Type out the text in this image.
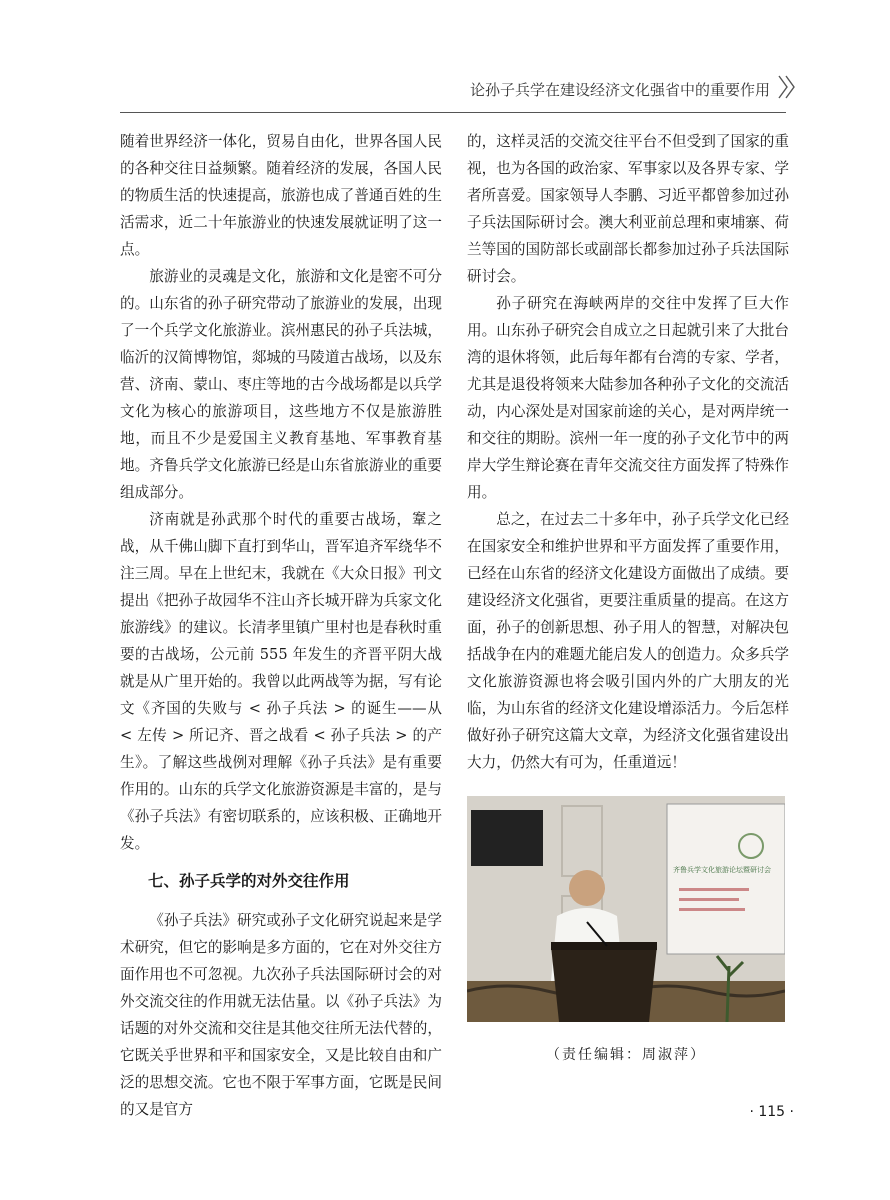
论孙子兵学在建设经济文化强省中的重要作用

随着世界经济一体化，贸易自由化，世界各国人民的各种交往日益频繁。随着经济的发展，各国人民的物质生活的快速提高，旅游也成了普通百姓的生活需求，近二十年旅游业的快速发展就证明了这一点。

旅游业的灵魂是文化，旅游和文化是密不可分的。山东省的孙子研究带动了旅游业的发展，出现了一个兵学文化旅游业。滨州惠民的孙子兵法城，临沂的汉简博物馆，郯城的马陵道古战场，以及东营、济南、蒙山、枣庄等地的古今战场都是以兵学文化为核心的旅游项目，这些地方不仅是旅游胜地，而且不少是爱国主义教育基地、军事教育基地。齐鲁兵学文化旅游已经是山东省旅游业的重要组成部分。

济南就是孙武那个时代的重要古战场，鞌之战，从千佛山脚下直打到华山，晋军追齐军绕华不注三周。早在上世纪末，我就在《大众日报》刊文提出《把孙子故园华不注山齐长城开辟为兵家文化旅游线》的建议。长清孝里镇广里村也是春秋时重要的古战场，公元前 555 年发生的齐晋平阴大战就是从广里开始的。我曾以此两战等为据，写有论文《齐国的失败与 < 孙子兵法 > 的诞生——从 < 左传 > 所记齐、晋之战看 < 孙子兵法 > 的产生》。了解这些战例对理解《孙子兵法》是有重要作用的。山东的兵学文化旅游资源是丰富的，是与《孙子兵法》有密切联系的，应该积极、正确地开发。

七、孙子兵学的对外交往作用

《孙子兵法》研究或孙子文化研究说起来是学术研究，但它的影响是多方面的，它在对外交往方面作用也不可忽视。九次孙子兵法国际研讨会的对外交流交往的作用就无法估量。以《孙子兵法》为话题的对外交流和交往是其他交往所无法代替的，它既关乎世界和平和国家安全，又是比较自由和广泛的思想交流。它也不限于军事方面，它既是民间的又是官方

的，这样灵活的交流交往平台不但受到了国家的重视，也为各国的政治家、军事家以及各界专家、学者所喜爱。国家领导人李鹏、习近平都曾参加过孙子兵法国际研讨会。澳大利亚前总理和柬埔寨、荷兰等国的国防部长或副部长都参加过孙子兵法国际研讨会。

孙子研究在海峡两岸的交往中发挥了巨大作用。山东孙子研究会自成立之日起就引来了大批台湾的退休将领，此后每年都有台湾的专家、学者，尤其是退役将领来大陆参加各种孙子文化的交流活动，内心深处是对国家前途的关心，是对两岸统一和交往的期盼。滨州一年一度的孙子文化节中的两岸大学生辩论赛在青年交流交往方面发挥了特殊作用。

总之，在过去二十多年中，孙子兵学文化已经在国家安全和维护世界和平方面发挥了重要作用，已经在山东省的经济文化建设方面做出了成绩。要建设经济文化强省，更要注重质量的提高。在这方面，孙子的创新思想、孙子用人的智慧，对解决包括战争在内的难题尤能启发人的创造力。众多兵学文化旅游资源也将会吸引国内外的广大朋友的光临，为山东省的经济文化建设增添活力。今后怎样做好孙子研究这篇大文章，为经济文化强省建设出大力，仍然大有可为，任重道远！

齐鲁兵学文化旅游论坛暨研讨会
（责任编辑：周淑萍）
· 115 ·
